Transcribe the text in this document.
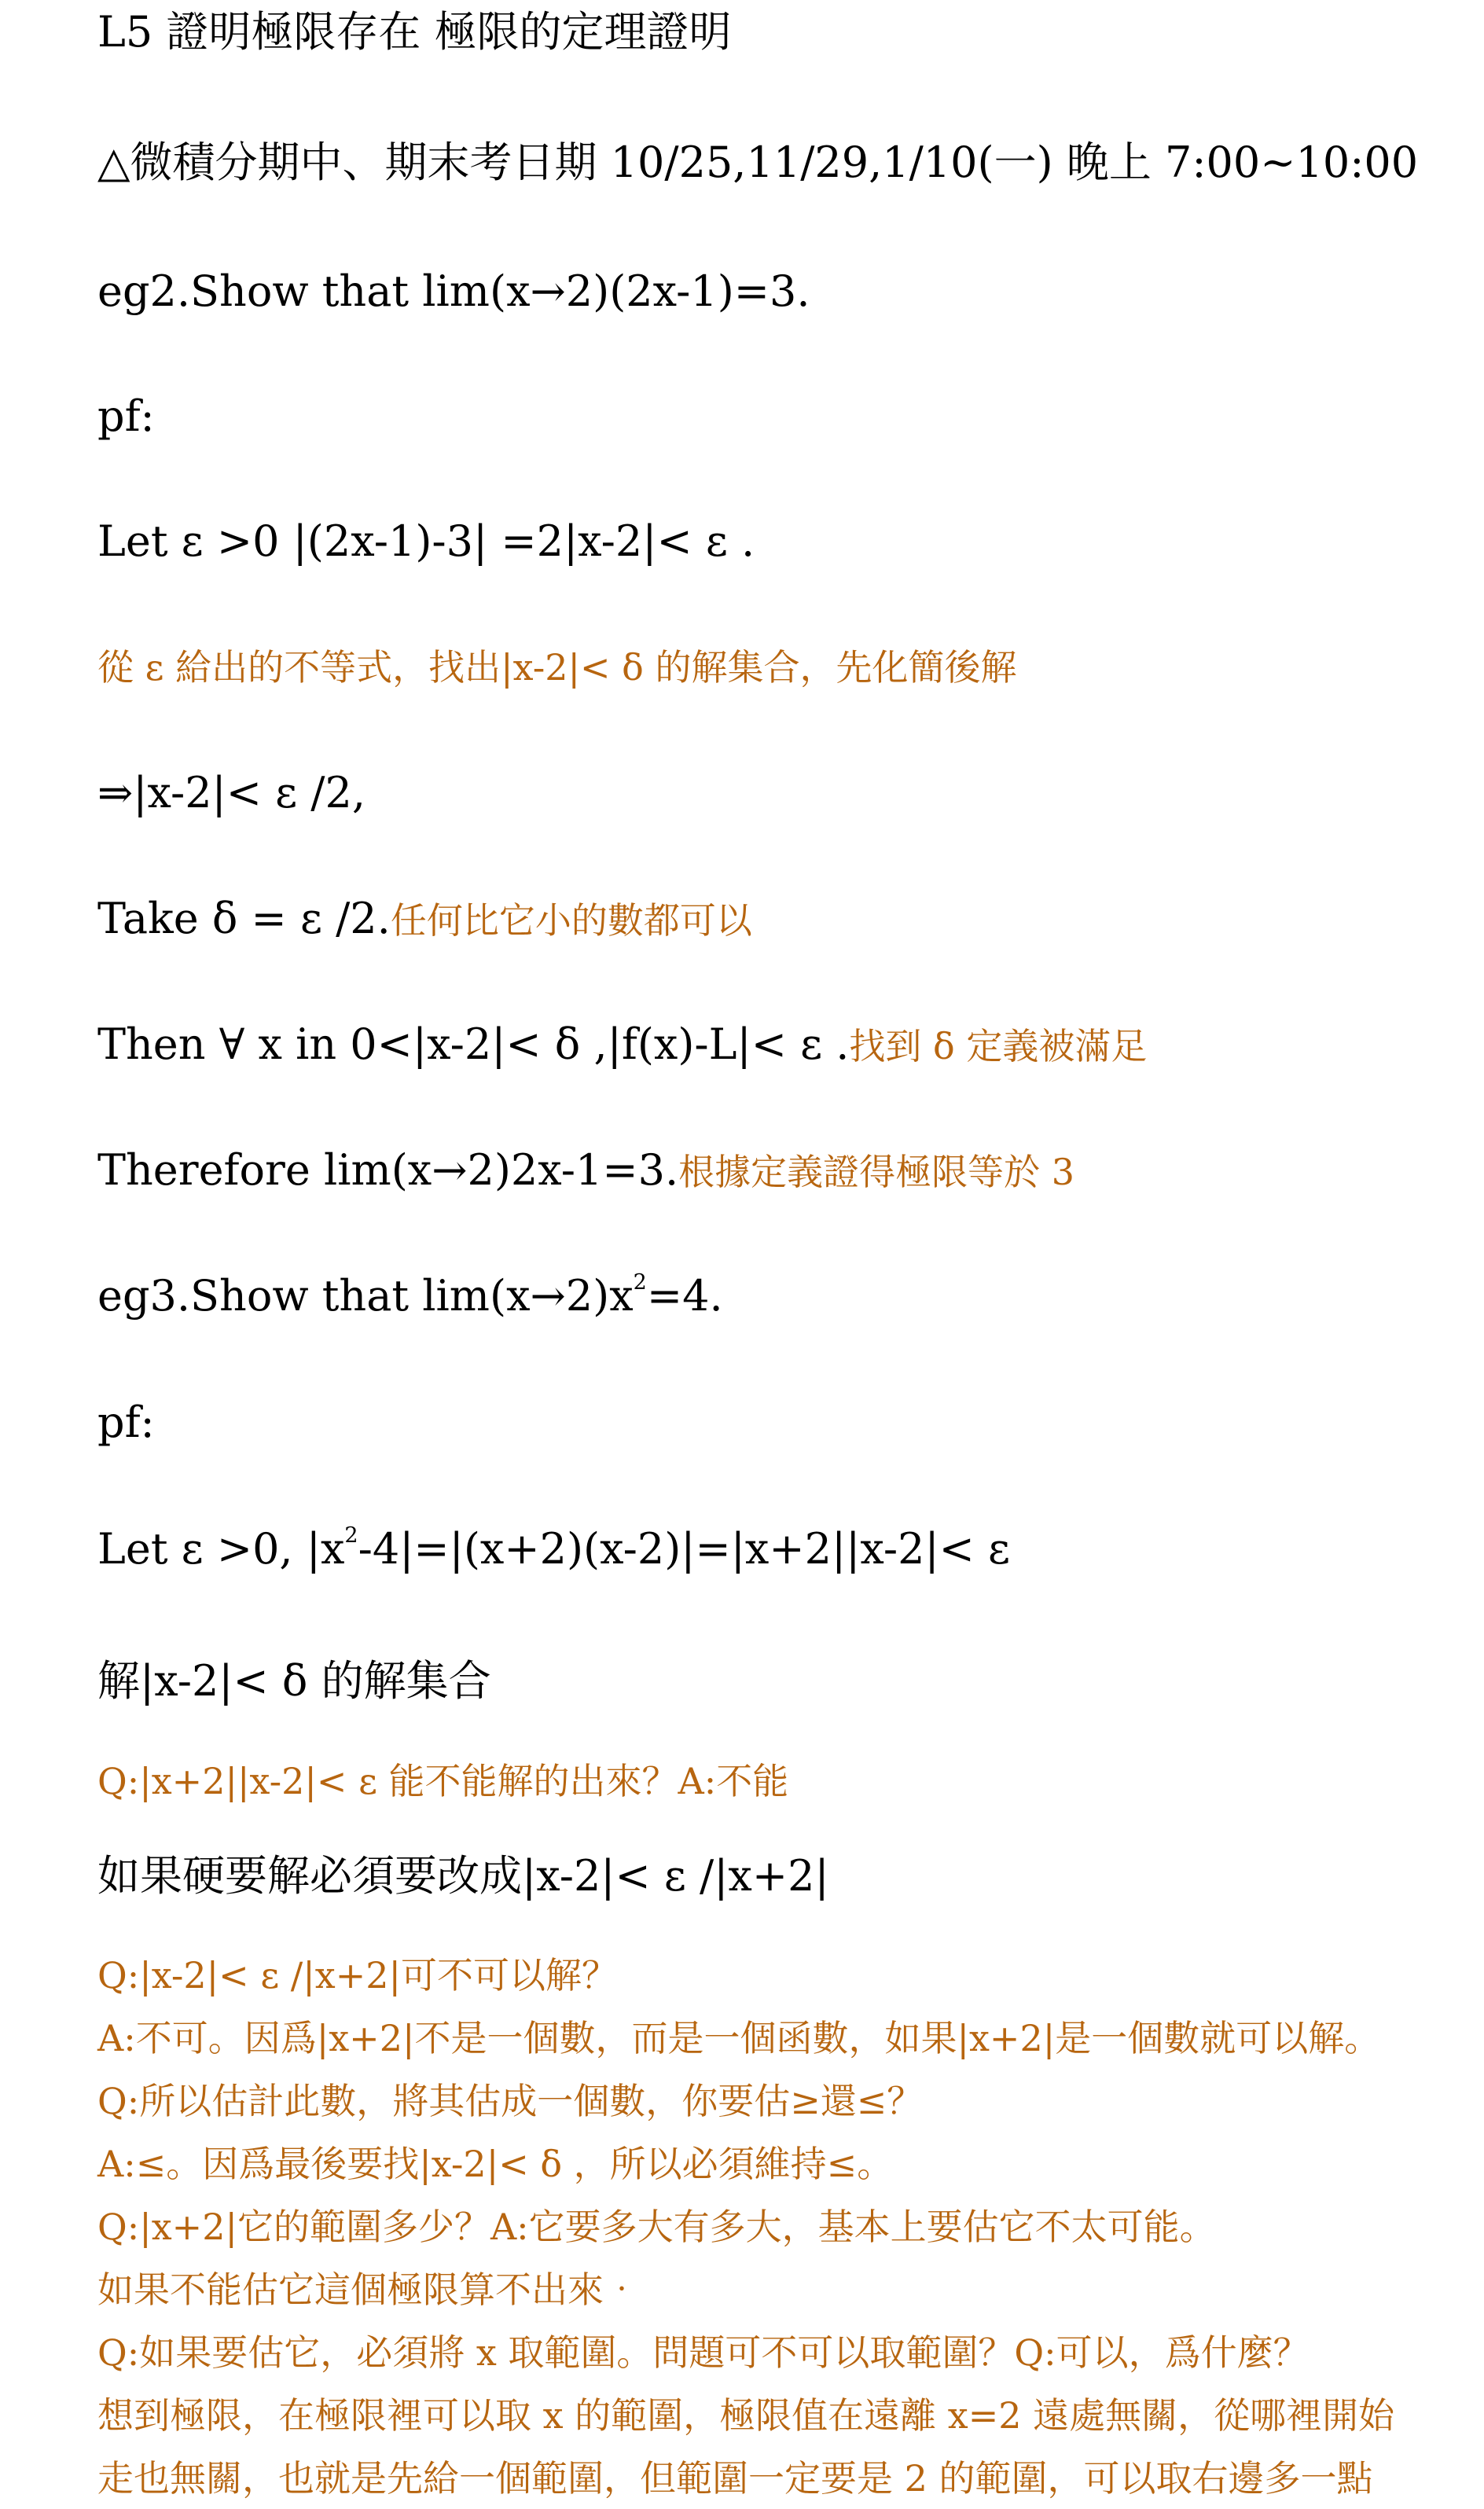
L5 證明極限存在 極限的定理證明
△微積分期中、期末考日期 10/25,11/29,1/10(一) 晚上 7:00~10:00
eg2.Show that lim(x→2)(2x-1)=3.
pf:
Let ε >0 |(2x-1)-3| =2|x-2|< ε .
從 ε 給出的不等式，找出|x-2|< δ 的解集合，先化簡後解
⇒|x-2|< ε /2,
Take δ = ε /2.任何比它小的數都可以
Then ∀ x in 0<|x-2|< δ ,|f(x)-L|< ε .找到 δ 定義被滿足
Therefore lim(x→2)2x-1=3.根據定義證得極限等於 3
eg3.Show that $\lim(x\to 2)x^2=4$.
pf:
Let ε >0, $|x^2-4|=|(x+2)(x-2)|=|x+2||x-2|< \varepsilon$
解|x-2|< δ 的解集合
Q:|x+2||x-2|< ε 能不能解的出來？A:不能
如果硬要解必須要改成|x-2|< ε /|x+2|
Q:|x-2|< ε /|x+2|可不可以解？
A:不可。因爲|x+2|不是一個數，而是一個函數，如果|x+2|是一個數就可以解。
Q:所以估計此數，將其估成一個數，你要估≥還≤？
A:≤。因爲最後要找|x-2|< δ ，所以必須維持≤。
Q:|x+2|它的範圍多少？A:它要多大有多大，基本上要估它不太可能。
如果不能估它這個極限算不出來‧
Q:如果要估它，必須將 x 取範圍。問題可不可以取範圍？Q:可以，爲什麼？
想到極限，在極限裡可以取 x 的範圍，極限值在遠離 x=2 遠處無關，從哪裡開始
走也無關，也就是先給一個範圍，但範圍一定要是 2 的範圍，可以取右邊多一點
